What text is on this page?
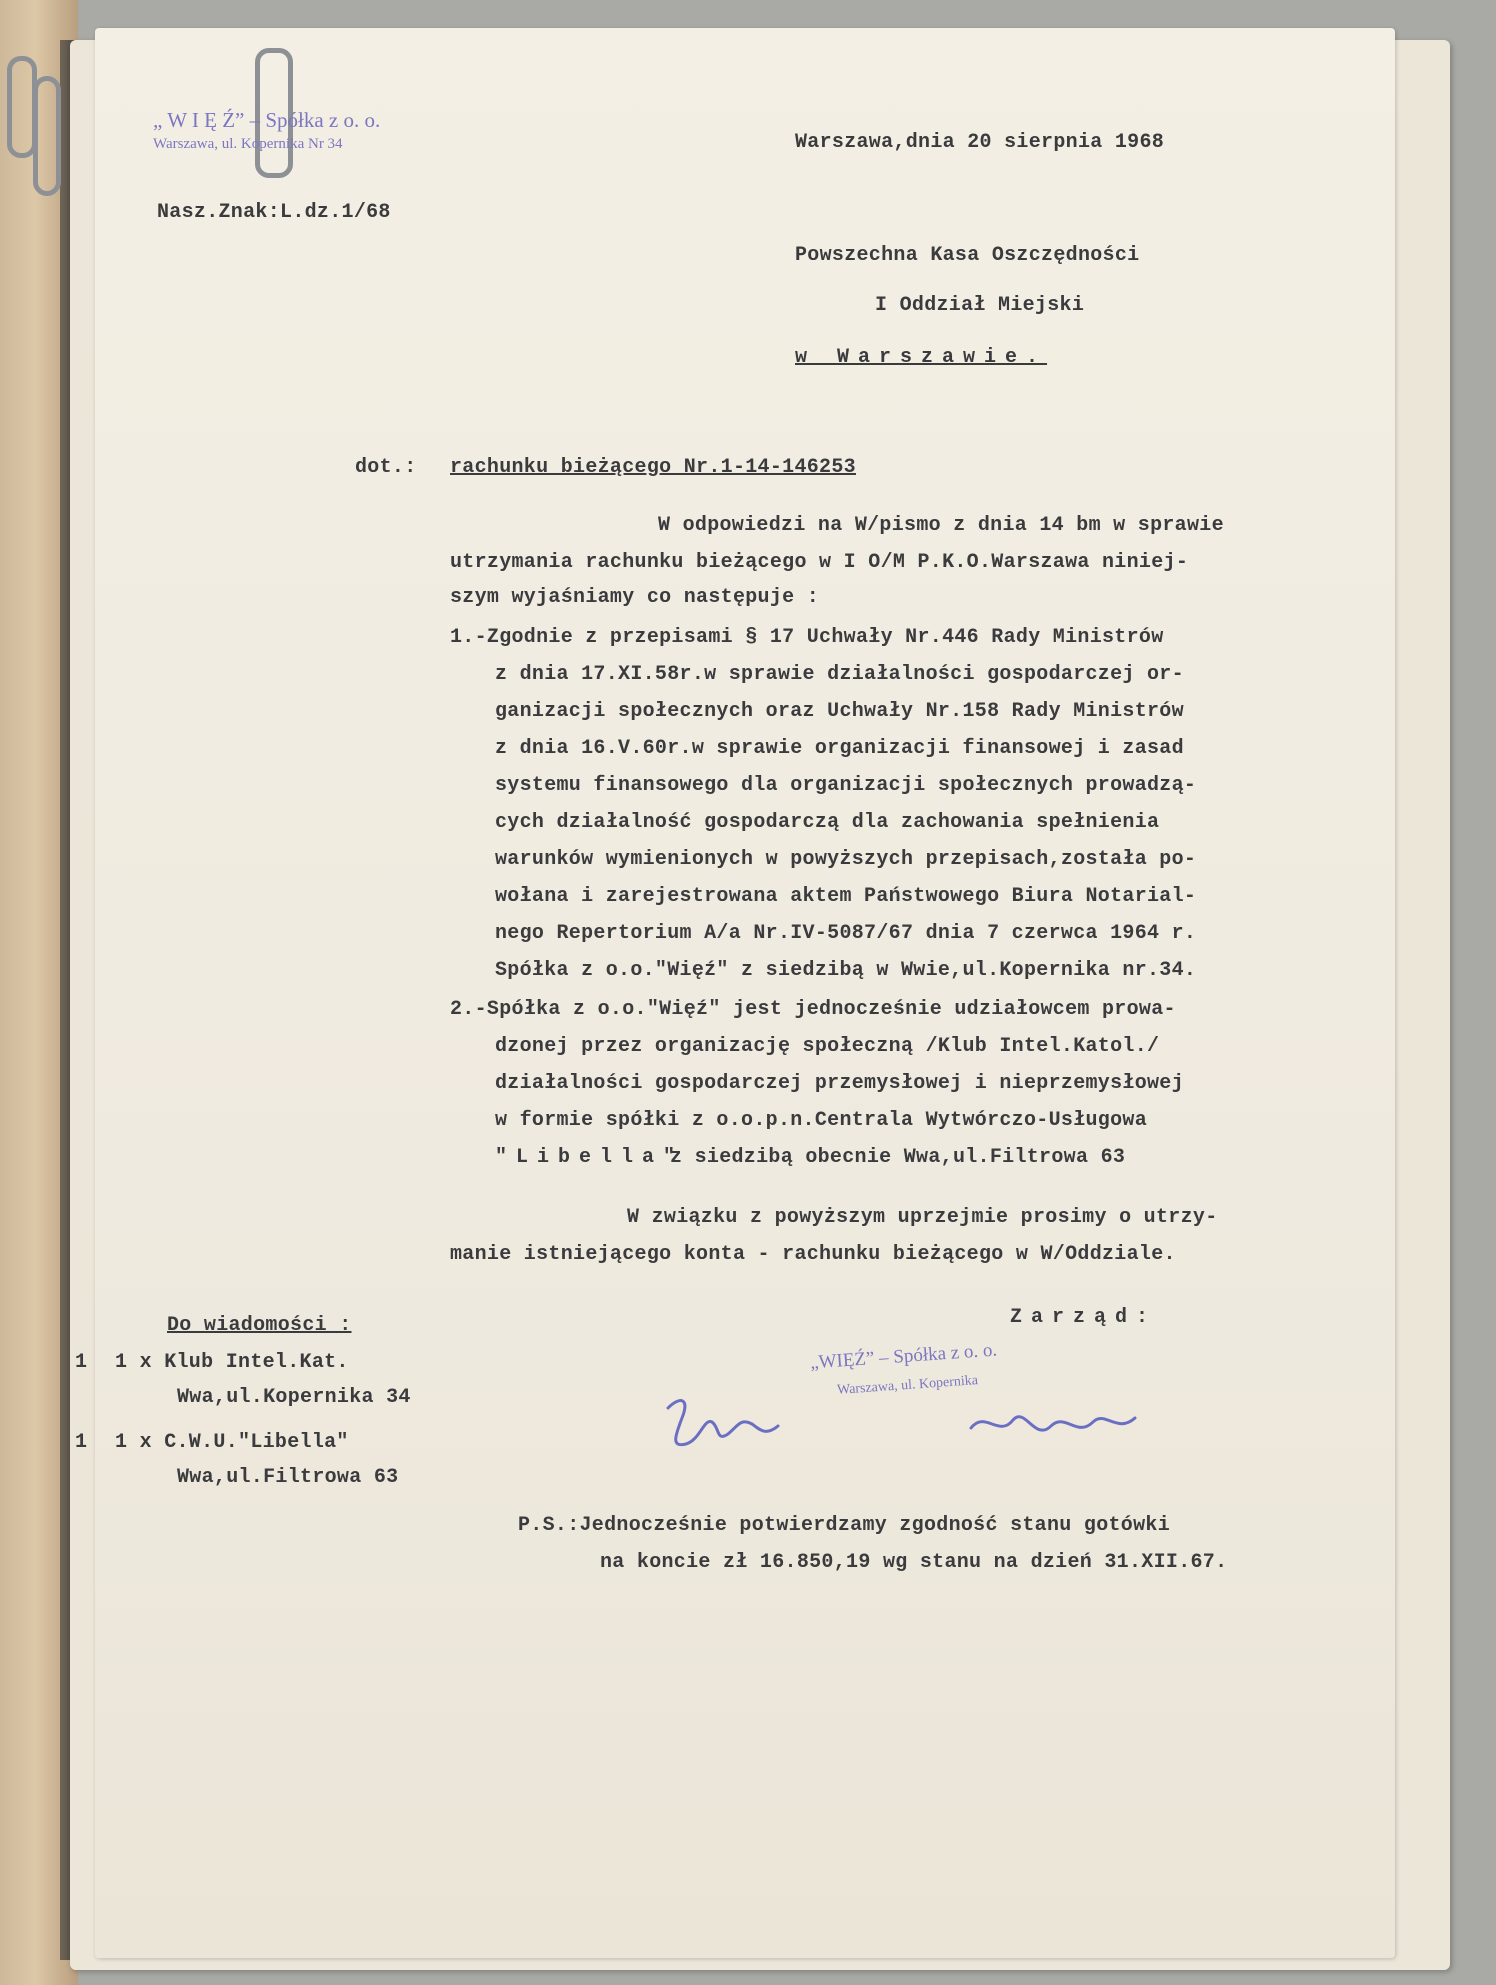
„ W I Ę Ź” – Spółka z o. o.
Warszawa, ul. Kopernika Nr 34

Nasz.Znak:L.dz.1/68

Warszawa,dnia 20 sierpnia 1968

Powszechna Kasa Oszczędności

I Oddział Miejski

w Warszawie.

dot.: rachunku bieżącego Nr.1-14-146253

W odpowiedzi na W/pismo z dnia 14 bm w sprawie

utrzymania rachunku bieżącego w I O/M P.K.O.Warszawa niniej-

szym wyjaśniamy co następuje :

1.-Zgodnie z przepisami § 17 Uchwały Nr.446 Rady Ministrów

z dnia 17.XI.58r.w sprawie działalności gospodarczej or-

ganizacji społecznych oraz Uchwały Nr.158 Rady Ministrów

z dnia 16.V.60r.w sprawie organizacji finansowej i zasad

systemu finansowego dla organizacji społecznych prowadzą-

cych działalność gospodarczą dla zachowania spełnienia

warunków wymienionych w powyższych przepisach,została po-

wołana i zarejestrowana aktem Państwowego Biura Notarial-

nego Repertorium A/a Nr.IV-5087/67 dnia 7 czerwca 1964 r.

Spółka z o.o."Więź" z siedzibą w Wwie,ul.Kopernika nr.34.

2.-Spółka z o.o."Więź" jest jednocześnie udziałowcem prowa-

dzonej przez organizację społeczną /Klub Intel.Katol./

działalności gospodarczej przemysłowej i nieprzemysłowej

w formie spółki z o.o.p.n.Centrala Wytwórczo-Usługowa

"Libella"

z siedzibą obecnie Wwa,ul.Filtrowa 63

W związku z powyższym uprzejmie prosimy o utrzy-

manie istniejącego konta - rachunku bieżącego w W/Oddziale.

Zarząd:

Do wiadomości :

1 1 x Klub Intel.Kat.

Wwa,ul.Kopernika 34

1 1 x C.W.U."Libella"

Wwa,ul.Filtrowa 63

„WIĘŹ” – Spółka z o. o.
Warszawa, ul. Kopernika

P.S.:Jednocześnie potwierdzamy zgodność stanu gotówki

na koncie zł 16.850,19 wg stanu na dzień 31.XII.67.
